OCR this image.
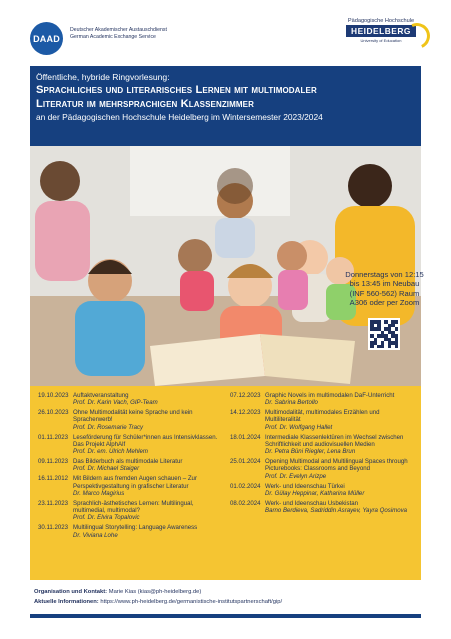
DAAD
Deutscher Akademischer Austauschdienst
German Academic Exchange Service
Pädagogische Hochschule
HEIDELBERG
University of Education
Öffentliche, hybride Ringvorlesung:
Sprachliches und literarisches Lernen mit multimodaler
Literatur im mehrsprachigen Klassenzimmer
an der Pädagogischen Hochschule Heidelberg im Wintersemester 2023/2024
Donnerstags von 12:15
bis 13:45 im Neubau
(INF 560-562) Raum
A306 oder per Zoom
19.10.2023 Auftaktveranstaltung
Prof. Dr. Karin Vach, GIP-Team
26.10.2023 Ohne Multimodalität keine Sprache und kein Spracherwerb!
Prof. Dr. Rosemarie Tracy
01.11.2023 Leseförderung für Schüler*innen aus Intensivklassen. Das Projekt AlphAlf
Prof. Dr. em. Ulrich Mehlem
09.11.2023 Das Bilderbuch als multimodale Literatur
Prof. Dr. Michael Staiger
16.11.2012 Mit Bildern aus fremden Augen schauen – Zur Perspektivgestaltung in grafischer Literatur
Dr. Marco Magirius
23.11.2023 Sprachlich-ästhetisches Lernen: Multilingual, multimedial, multimodal?
Prof. Dr. Elvira Topalovic
30.11.2023 Multilingual Storytelling: Language Awareness
Dr. Viviana Lohe
07.12.2023 Graphic Novels im multimodalen DaF-Unterricht
Dr. Sabrina Bertollo
14.12.2023 Multimodalität, multimodales Erzählen und Multiliteralität
Prof. Dr. Wolfgang Hallet
18.01.2024 Intermediale Klassenlektüren im Wechsel zwischen Schriftlichkeit und audiovisuellen Medien
Dr. Petra Büni Riegler, Lena Brun
25.01.2024 Opening Multimodal and Multilingual Spaces through Picturebooks: Classrooms and Beyond
Prof. Dr. Evelyn Arizpe
01.02.2024 Werk- und Ideenschau Türkei
Dr. Gülay Heppinar, Katharina Müller
08.02.2024 Werk- und Ideenschau Usbekistan
Barno Berdieva, Sadriddin Asrayev, Yayra Qosimova
Organisation und Kontakt: Marie Kias (kias@ph-heidelberg.de)
Aktuelle Informationen: https://www.ph-heidelberg.de/germanistische-institutspartnerschaft/gip/
